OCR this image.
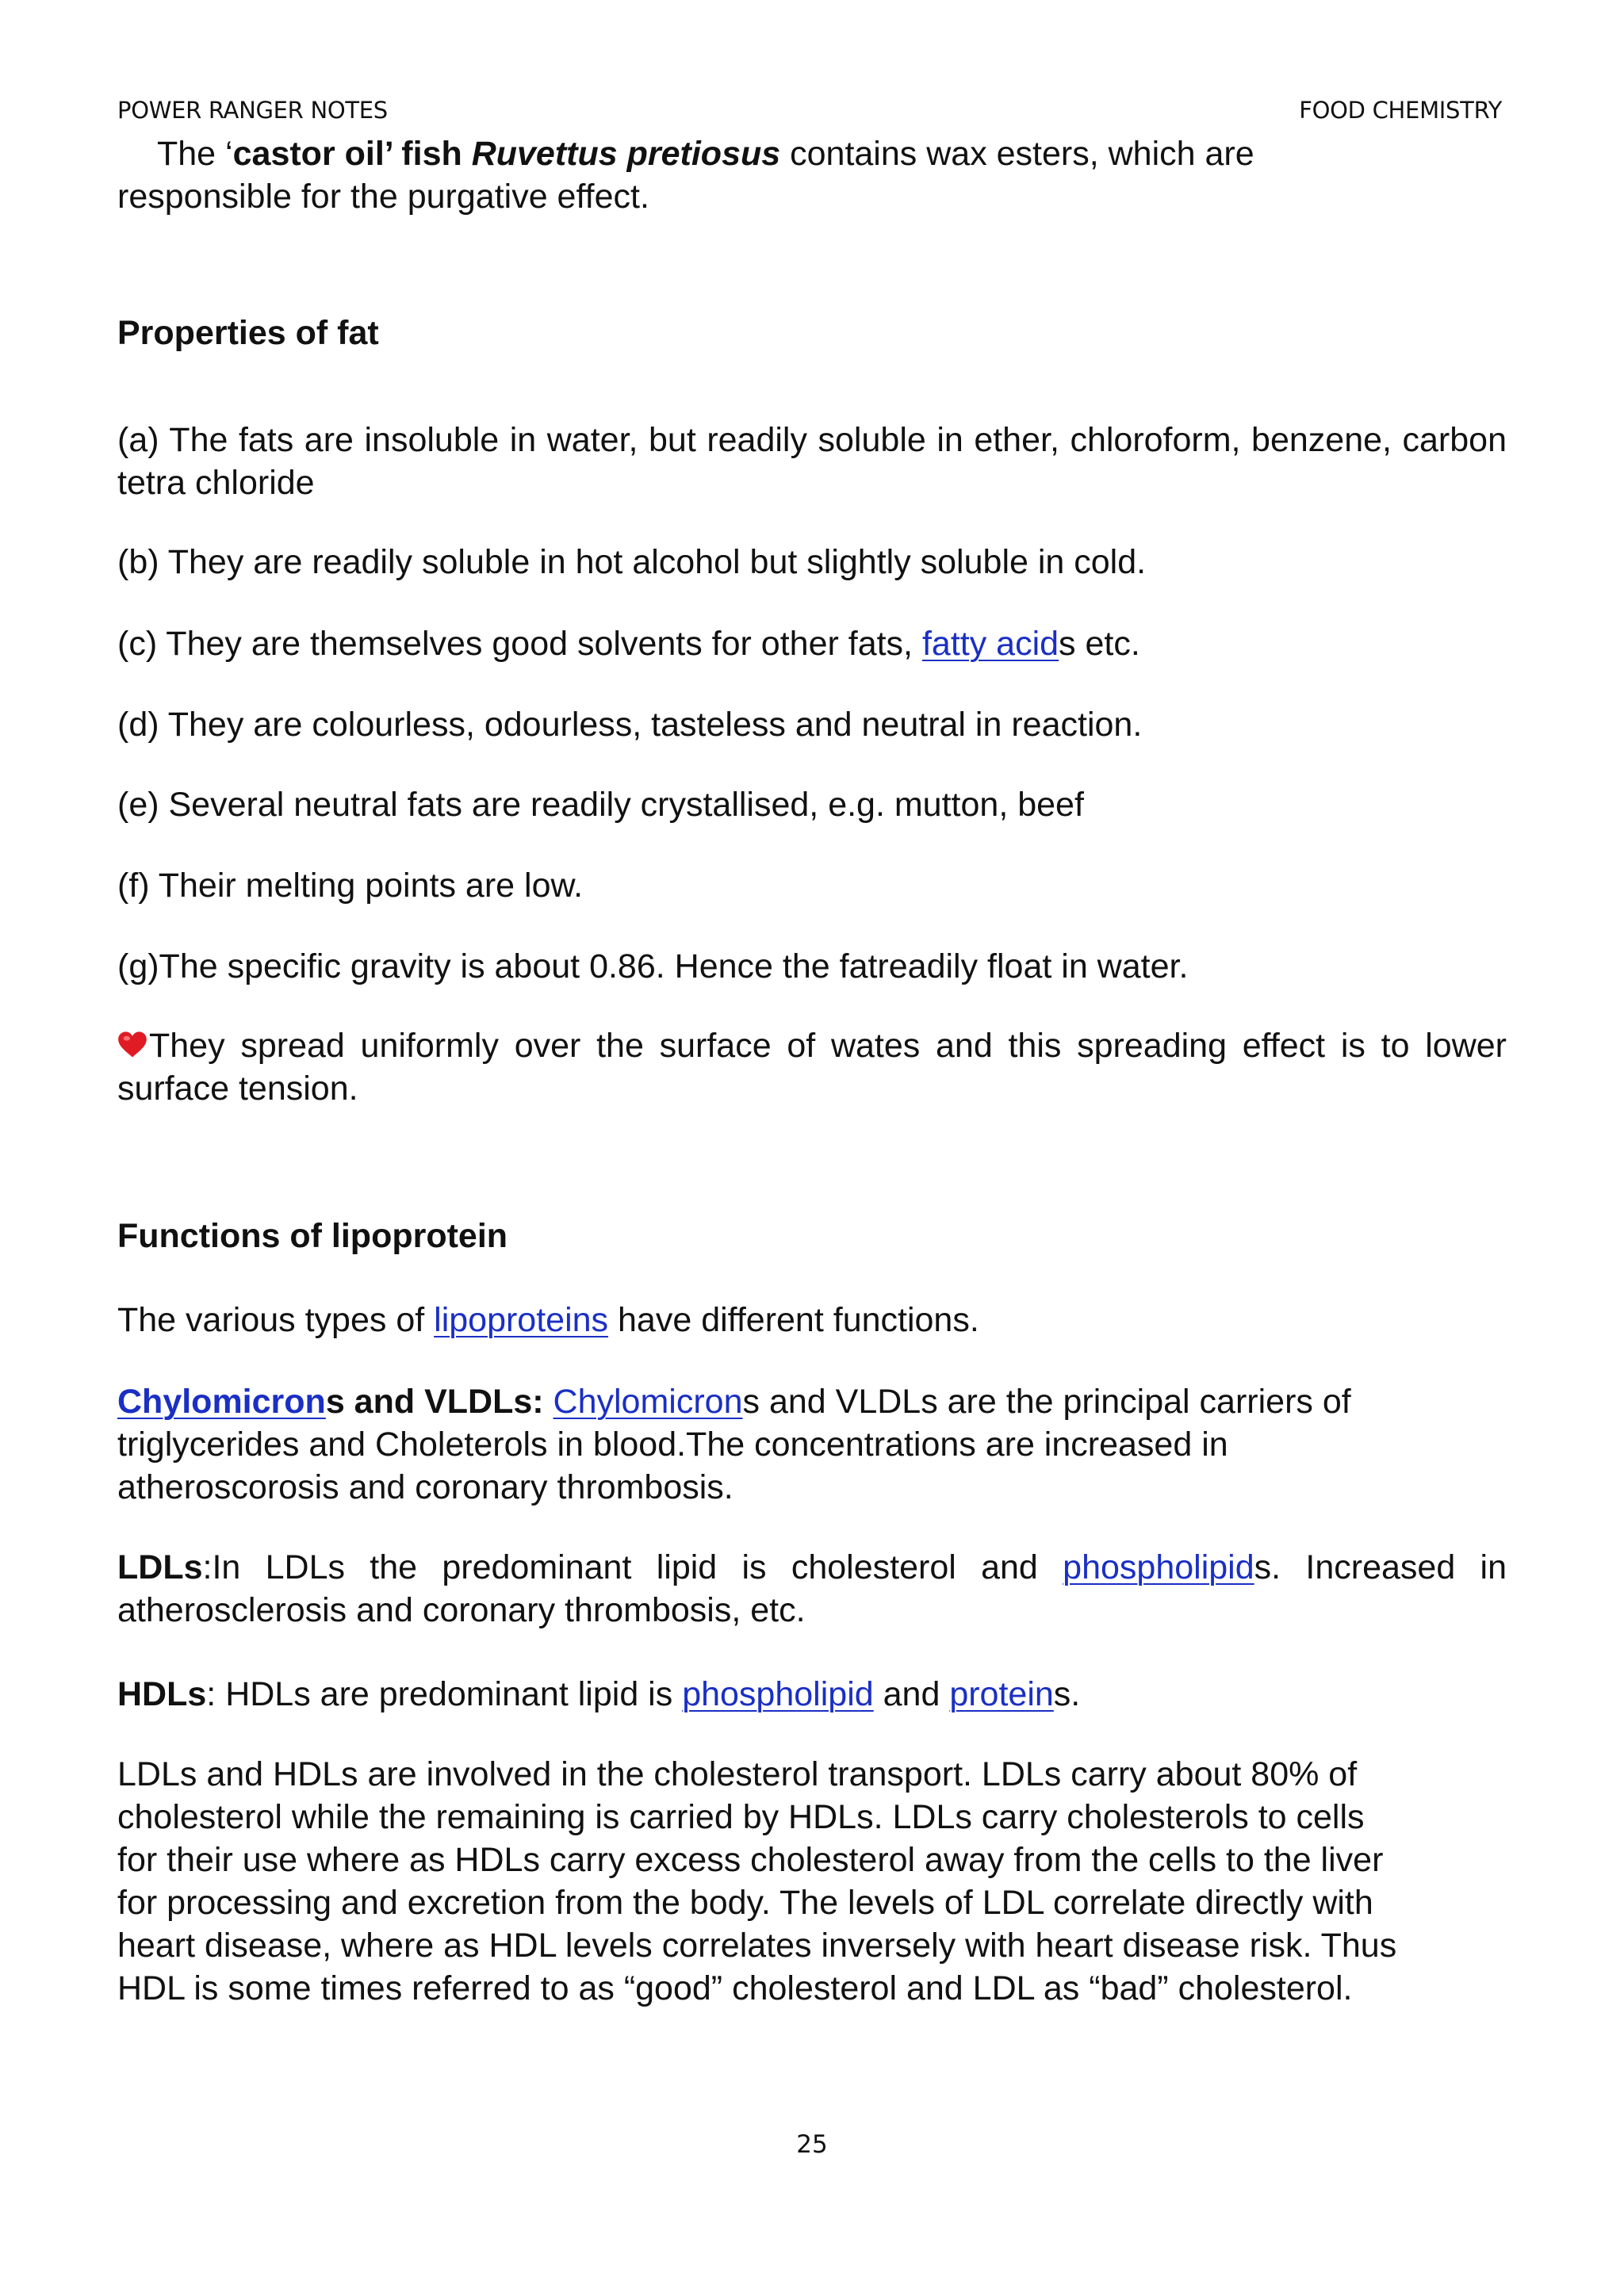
POWER RANGER NOTES	FOOD CHEMISTRY
The ‘castor oil’ fish Ruvettus pretiosus contains wax esters, which are
responsible for the purgative effect.
Properties of fat
(a) The fats are insoluble in water, but readily soluble in ether, chloroform, benzene, carbon tetra chloride
(b) They are readily soluble in hot alcohol but slightly soluble in cold.
(c) They are themselves good solvents for other fats, fatty acids etc.
(d) They are colourless, odourless, tasteless and neutral in reaction.
(e) Several neutral fats are readily crystallised, e.g. mutton, beef
(f) Their melting points are low.
(g)The specific gravity is about 0.86. Hence the fatreadily float in water.
They spread uniformly over the surface of wates and this spreading effect is to lower surface tension.
Functions of lipoprotein
The various types of lipoproteins have different functions.
Chylomicrons and VLDLs: Chylomicrons and VLDLs are the principal carriers of
triglycerides and Choleterols in blood.The concentrations are increased in
atheroscorosis and coronary thrombosis.
LDLs:In LDLs the predominant lipid is cholesterol and phospholipids. Increased in atherosclerosis and coronary thrombosis, etc.
HDLs: HDLs are predominant lipid is phospholipid and proteins.
LDLs and HDLs are involved in the cholesterol transport. LDLs carry about 80% of
cholesterol while the remaining is carried by HDLs. LDLs carry cholesterols to cells
for their use where as HDLs carry excess cholesterol away from the cells to the liver
for processing and excretion from the body. The levels of LDL correlate directly with
heart disease, where as HDL levels correlates inversely with heart disease risk. Thus
HDL is some times referred to as “good” cholesterol and LDL as “bad” cholesterol.
25
